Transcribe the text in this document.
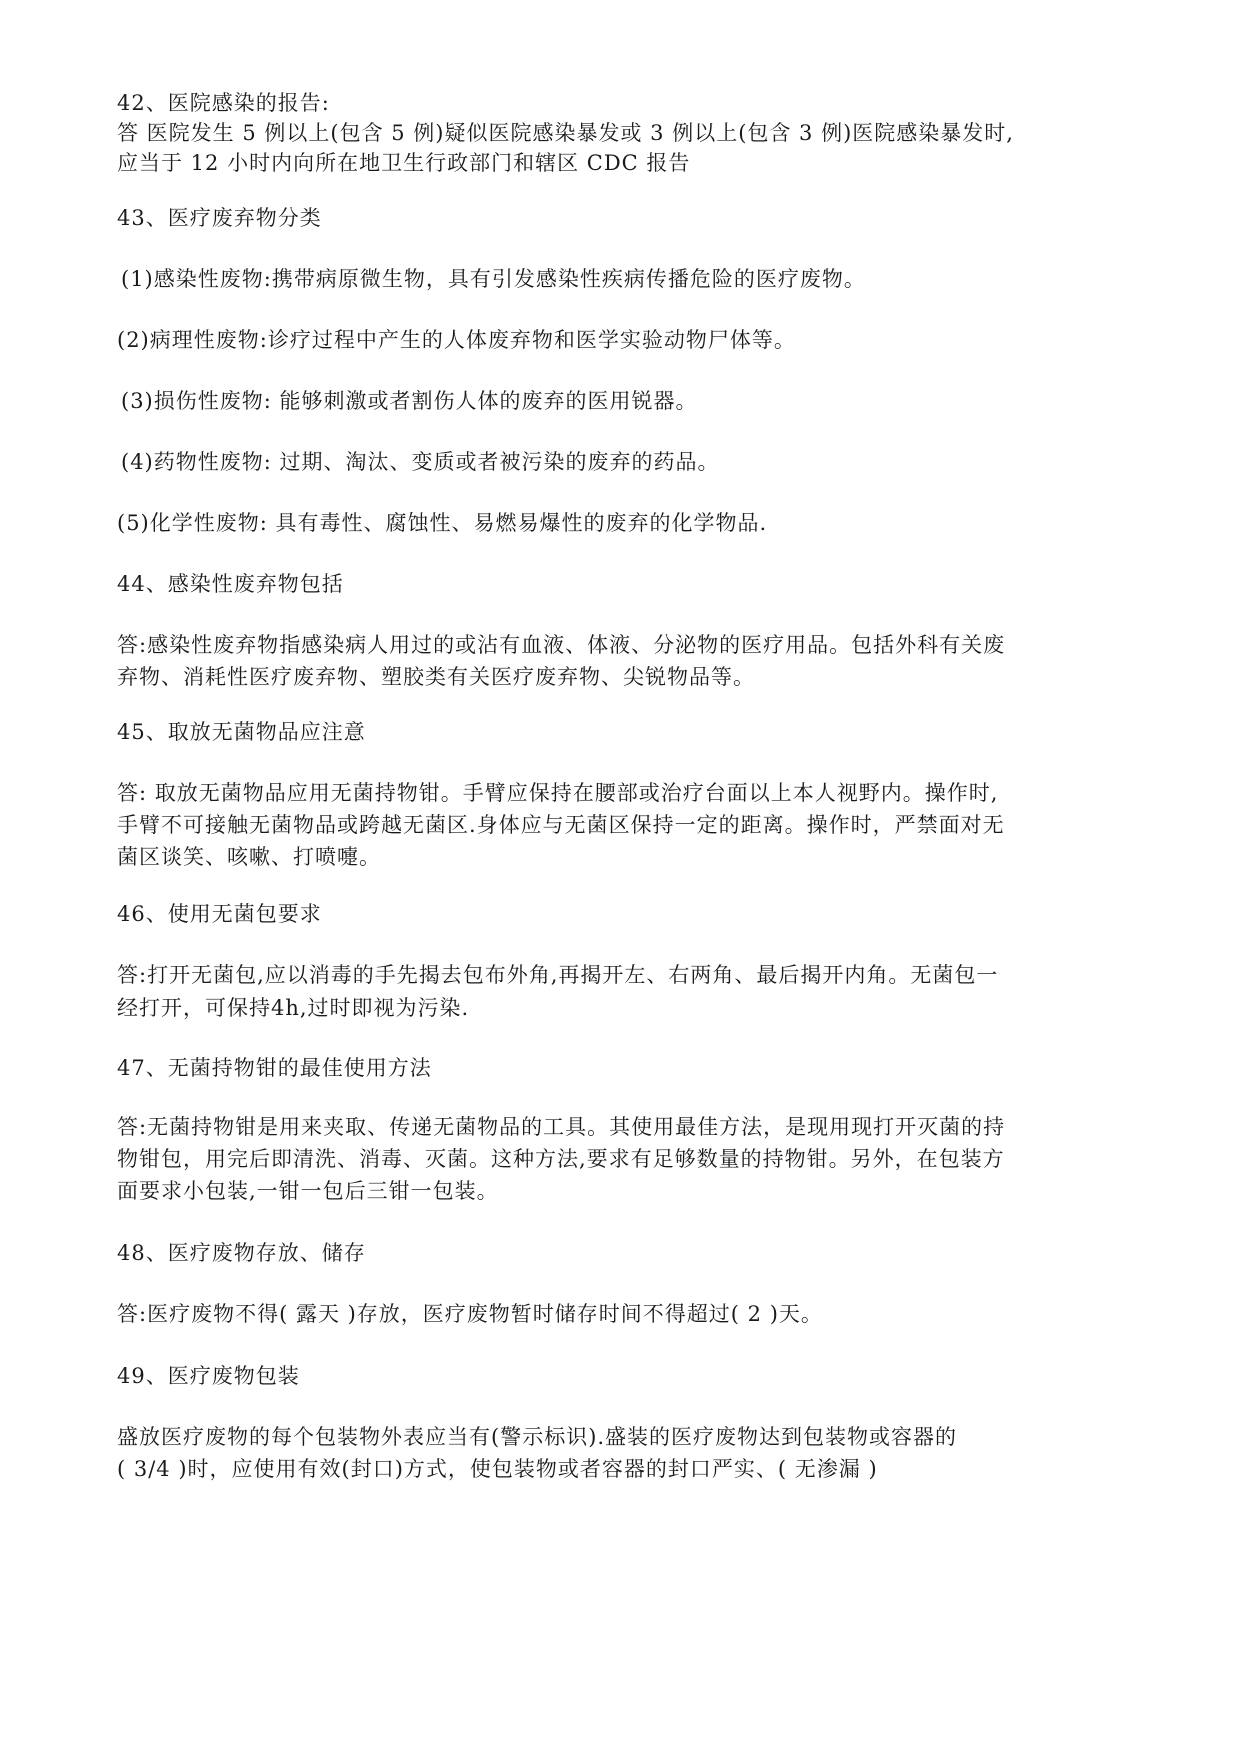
42、医院感染的报告:
答 医院发生 5 例以上(包含 5 例)疑似医院感染暴发或 3 例以上(包含 3 例)医院感染暴发时,
应当于 12 小时内向所在地卫生行政部门和辖区 CDC 报告
43、医疗废弃物分类
(1)感染性废物:携带病原微生物，具有引发感染性疾病传播危险的医疗废物。
(2)病理性废物:诊疗过程中产生的人体废弃物和医学实验动物尸体等。
(3)损伤性废物: 能够刺激或者割伤人体的废弃的医用锐器。
(4)药物性废物: 过期、淘汰、变质或者被污染的废弃的药品。
(5)化学性废物: 具有毒性、腐蚀性、易燃易爆性的废弃的化学物品.
44、感染性废弃物包括
答:感染性废弃物指感染病人用过的或沾有血液、体液、分泌物的医疗用品。包括外科有关废
弃物、消耗性医疗废弃物、塑胶类有关医疗废弃物、尖锐物品等。
45、取放无菌物品应注意
答: 取放无菌物品应用无菌持物钳。手臂应保持在腰部或治疗台面以上本人视野内。操作时,
手臂不可接触无菌物品或跨越无菌区.身体应与无菌区保持一定的距离。操作时，严禁面对无
菌区谈笑、咳嗽、打喷嚏。
46、使用无菌包要求
答:打开无菌包,应以消毒的手先揭去包布外角,再揭开左、右两角、最后揭开内角。无菌包一
经打开，可保持4h,过时即视为污染.
47、无菌持物钳的最佳使用方法
答:无菌持物钳是用来夹取、传递无菌物品的工具。其使用最佳方法，是现用现打开灭菌的持
物钳包，用完后即清洗、消毒、灭菌。这种方法,要求有足够数量的持物钳。另外，在包装方
面要求小包装,一钳一包后三钳一包装。
48、医疗废物存放、储存
答:医疗废物不得( 露天 )存放，医疗废物暂时储存时间不得超过( 2 )天。
49、医疗废物包装
盛放医疗废物的每个包装物外表应当有(警示标识).盛装的医疗废物达到包装物或容器的
( 3/4 )时，应使用有效(封口)方式，使包装物或者容器的封口严实、( 无渗漏 )
